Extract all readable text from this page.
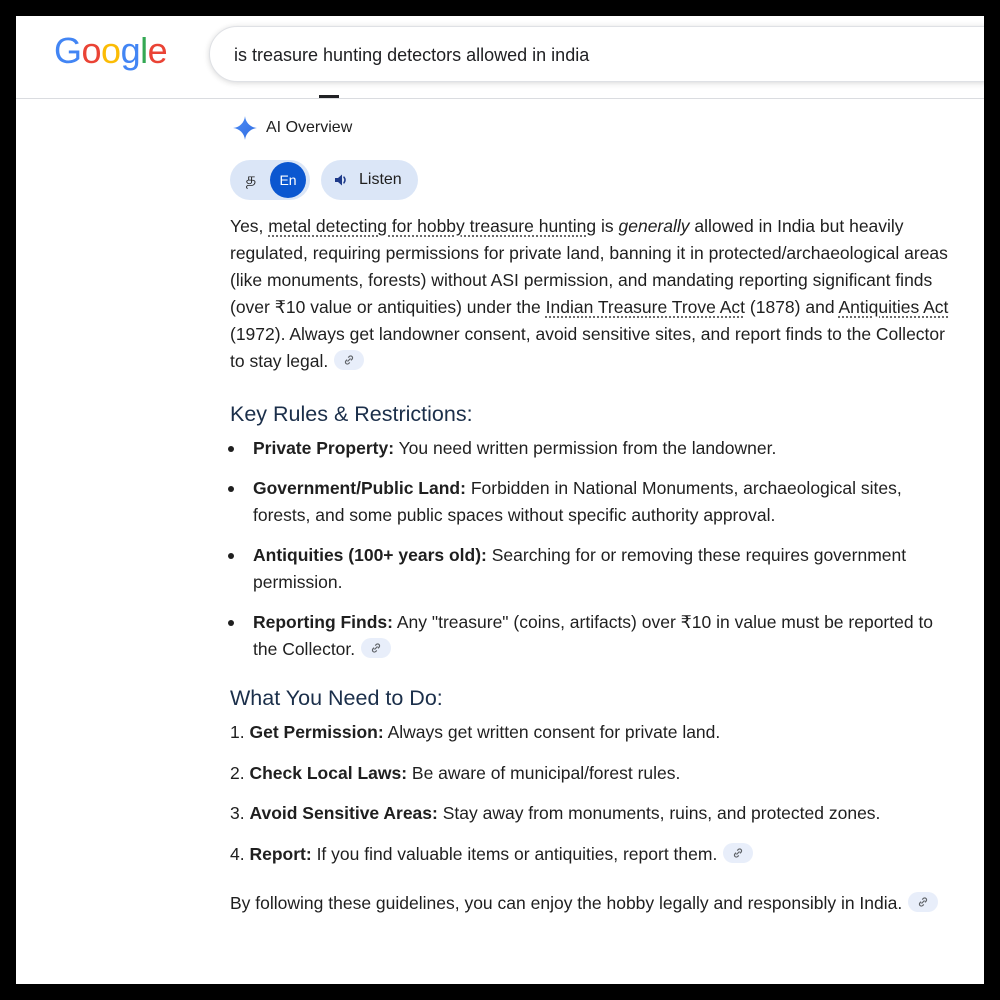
Google
is treasure hunting detectors allowed in india
AI Overview
த	En	Listen
Yes, metal detecting for hobby treasure hunting is generally allowed in India but heavily regulated, requiring permissions for private land, banning it in protected/archaeological areas (like monuments, forests) without ASI permission, and mandating reporting significant finds (over ₹10 value or antiquities) under the Indian Treasure Trove Act (1878) and Antiquities Act (1972). Always get landowner consent, avoid sensitive sites, and report finds to the Collector to stay legal.
Key Rules & Restrictions:
Private Property: You need written permission from the landowner.
Government/Public Land: Forbidden in National Monuments, archaeological sites, forests, and some public spaces without specific authority approval.
Antiquities (100+ years old): Searching for or removing these requires government permission.
Reporting Finds: Any "treasure" (coins, artifacts) over ₹10 in value must be reported to the Collector.
What You Need to Do:
1. Get Permission: Always get written consent for private land.
2. Check Local Laws: Be aware of municipal/forest rules.
3. Avoid Sensitive Areas: Stay away from monuments, ruins, and protected zones.
4. Report: If you find valuable items or antiquities, report them.
By following these guidelines, you can enjoy the hobby legally and responsibly in India.
